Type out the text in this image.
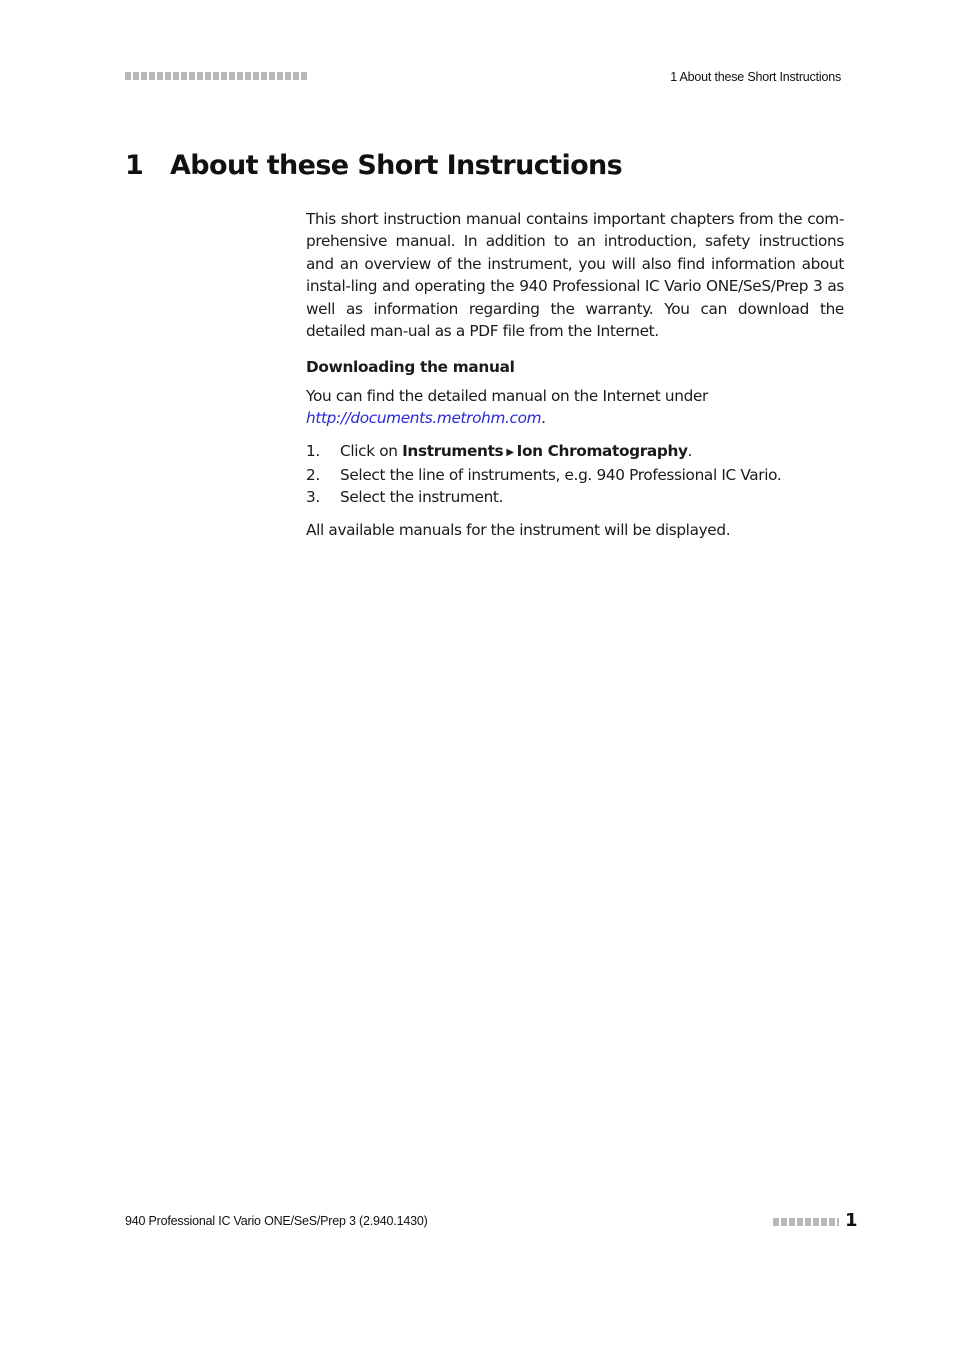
1 About these Short Instructions
1 About these Short Instructions

This short instruction manual contains important chapters from the com-prehensive manual. In addition to an introduction, safety instructions and an overview of the instrument, you will also find information about instal-ling and operating the 940 Professional IC Vario ONE/SeS/Prep 3 as well as information regarding the warranty. You can download the detailed man-ual as a PDF file from the Internet.

Downloading the manual

You can find the detailed manual on the Internet under http://documents.metrohm.com.

1.	Click on Instruments ▶ Ion Chromatography.
2.	Select the line of instruments, e.g. 940 Professional IC Vario.
3.	Select the instrument.

All available manuals for the instrument will be displayed.

940 Professional IC Vario ONE/SeS/Prep 3 (2.940.1430)	1
